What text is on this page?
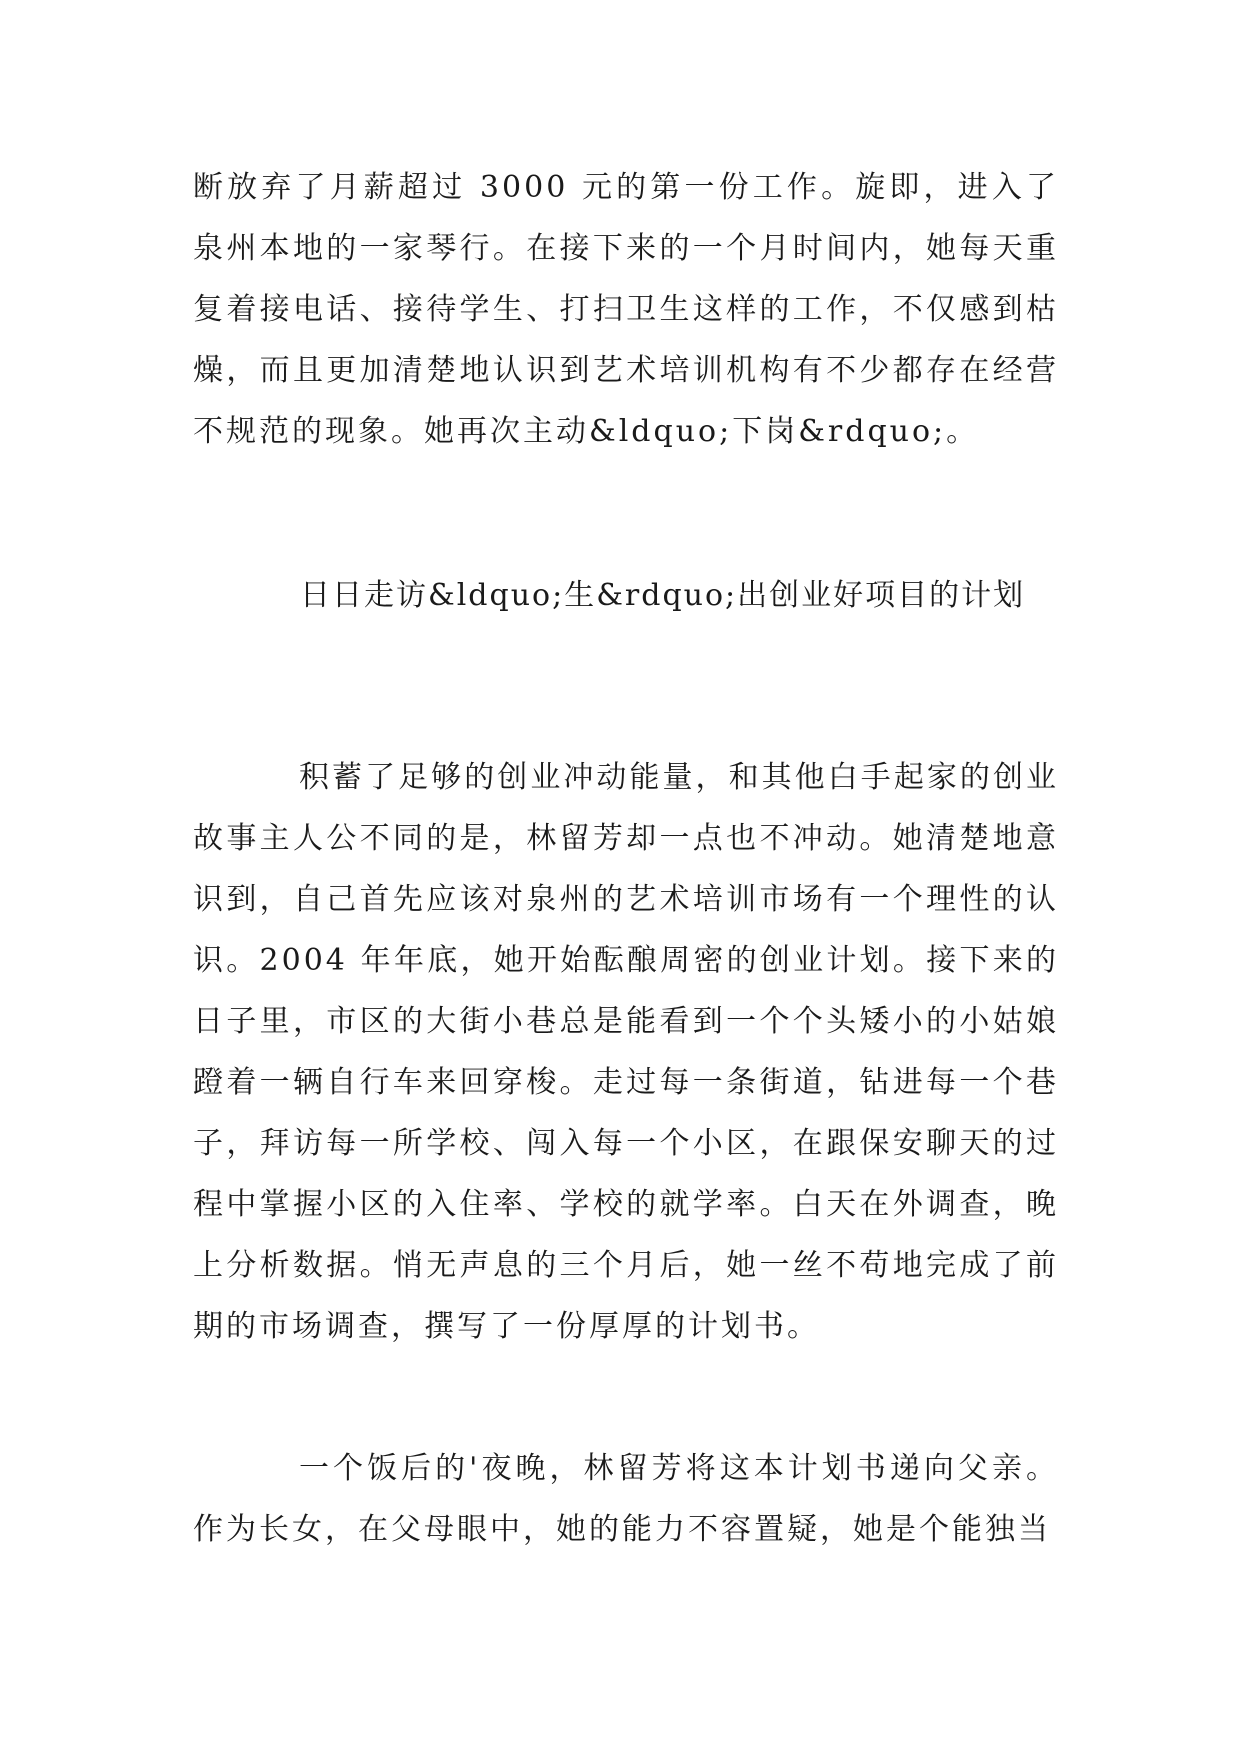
断放弃了月薪超过 3000 元的第一份工作。旋即，进入了泉州本地的一家琴行。在接下来的一个月时间内，她每天重复着接电话、接待学生、打扫卫生这样的工作，不仅感到枯燥，而且更加清楚地认识到艺术培训机构有不少都存在经营不规范的现象。她再次主动&ldquo;下岗&rdquo;。

日日走访&ldquo;生&rdquo;出创业好项目的计划

积蓄了足够的创业冲动能量，和其他白手起家的创业故事主人公不同的是，林留芳却一点也不冲动。她清楚地意识到，自己首先应该对泉州的艺术培训市场有一个理性的认识。2004 年年底，她开始酝酿周密的创业计划。接下来的日子里，市区的大街小巷总是能看到一个个头矮小的小姑娘蹬着一辆自行车来回穿梭。走过每一条街道，钻进每一个巷子，拜访每一所学校、闯入每一个小区，在跟保安聊天的过程中掌握小区的入住率、学校的就学率。白天在外调查，晚上分析数据。悄无声息的三个月后，她一丝不苟地完成了前期的市场调查，撰写了一份厚厚的计划书。

一个饭后的'夜晚，林留芳将这本计划书递向父亲。作为长女，在父母眼中，她的能力不容置疑，她是个能独当
